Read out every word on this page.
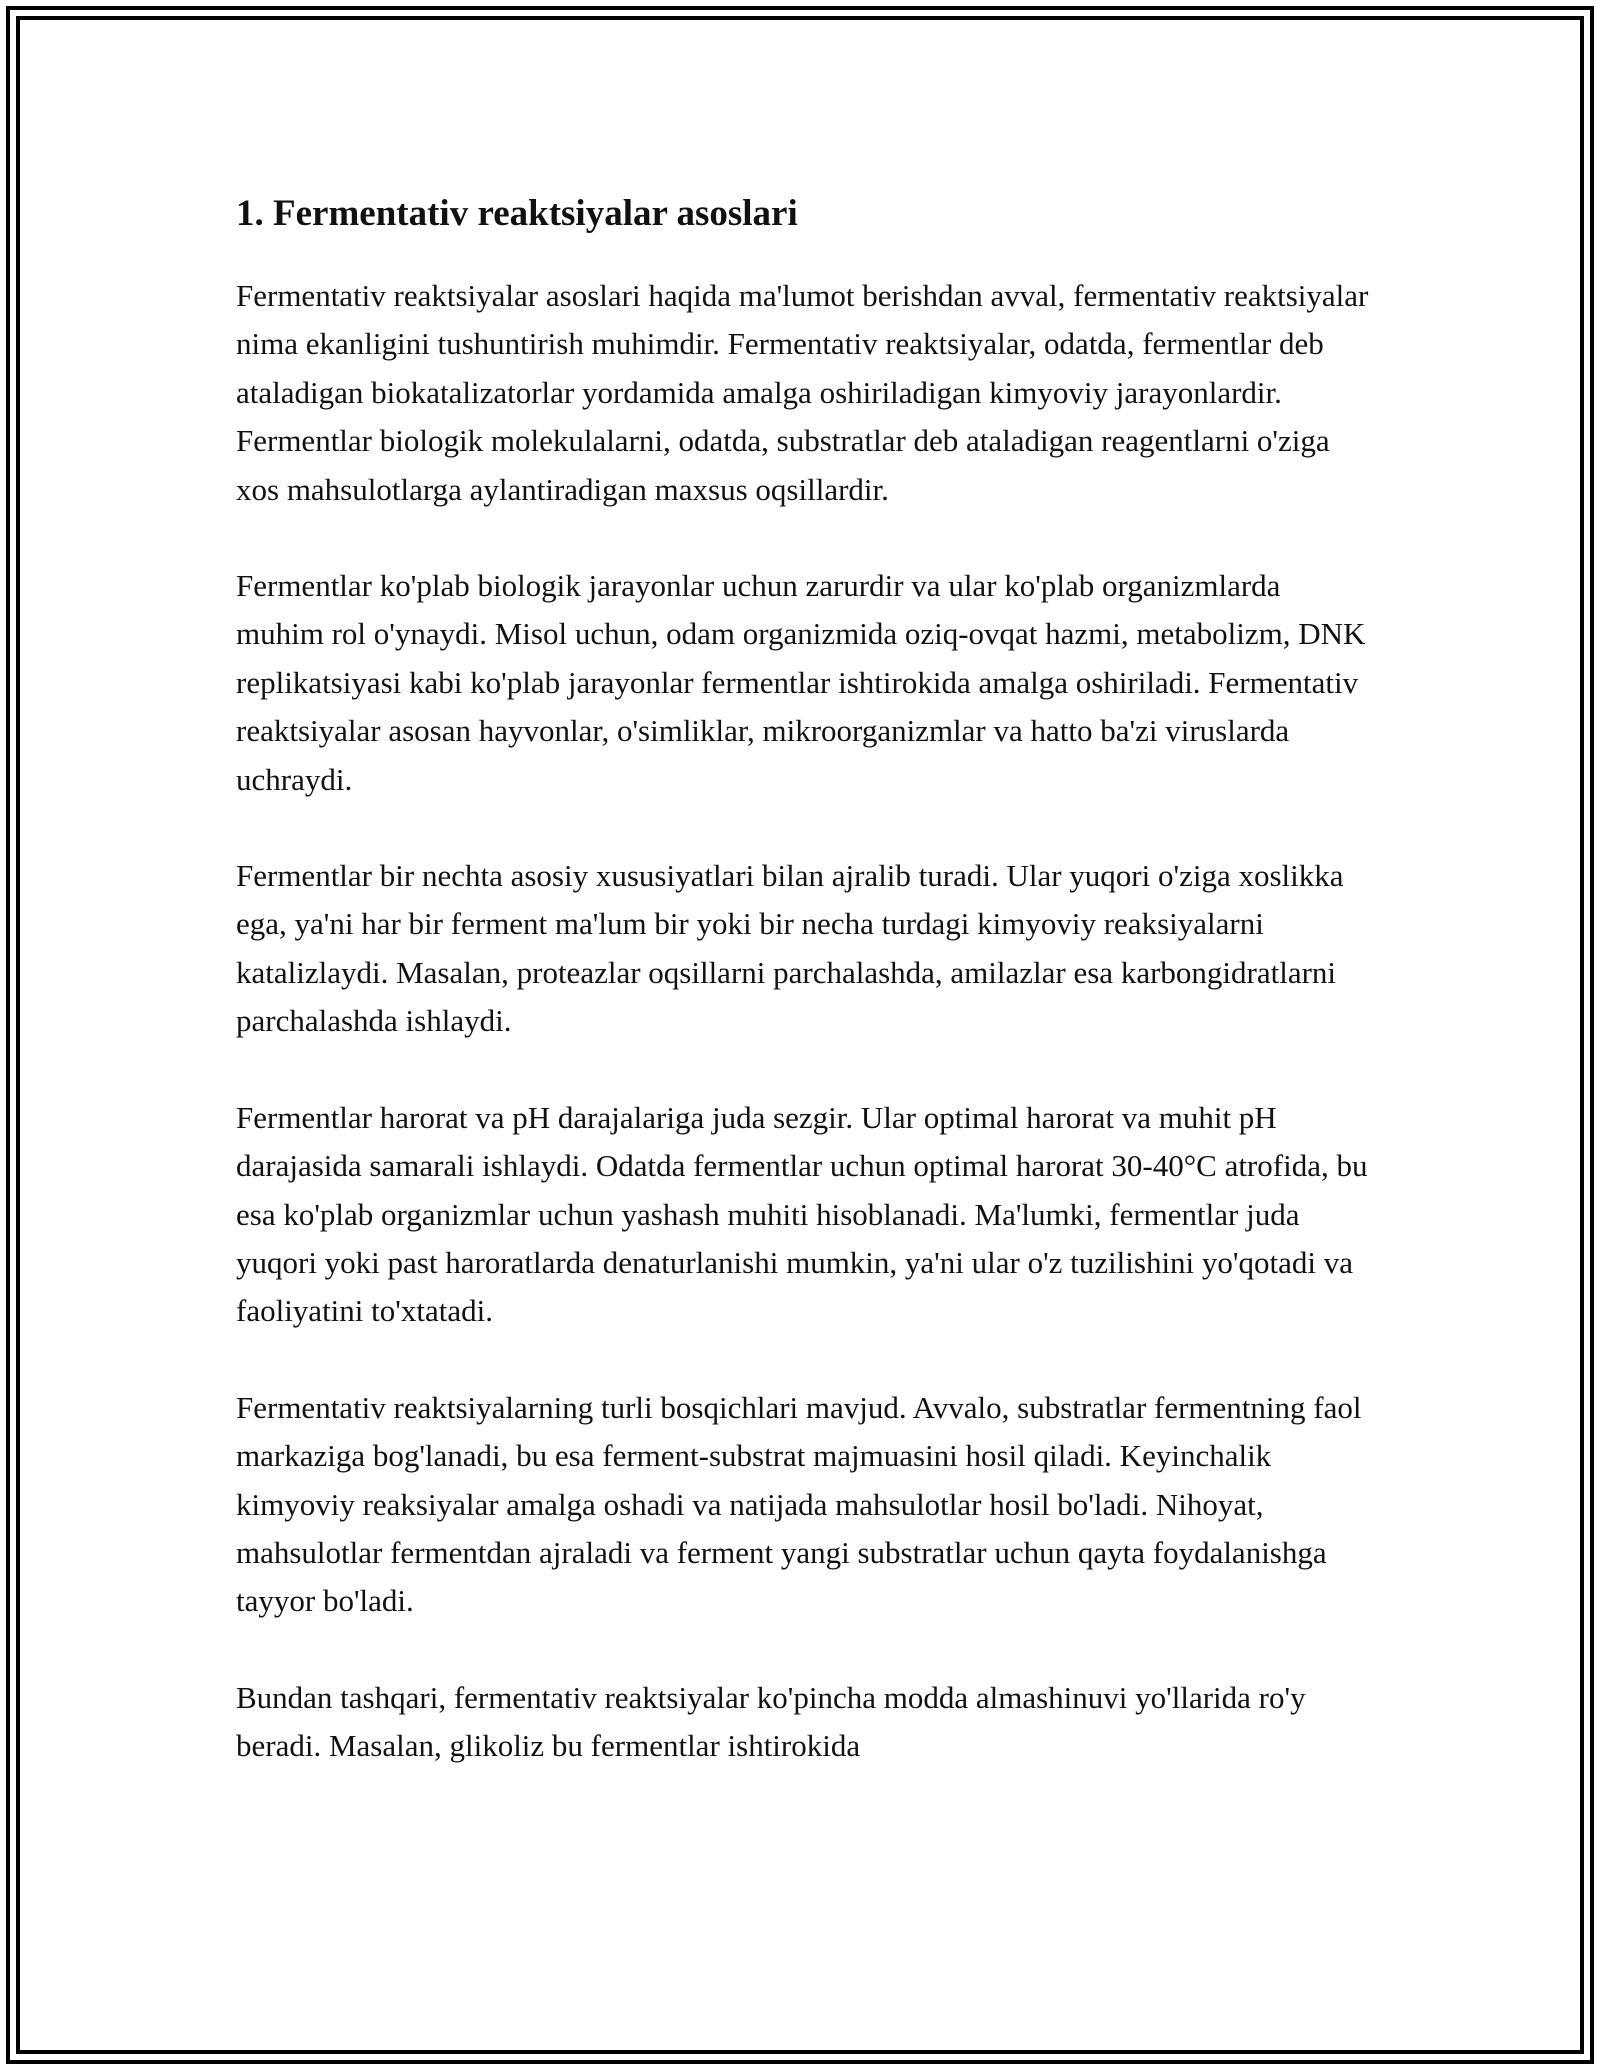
1. Fermentativ reaktsiyalar asoslari

Fermentativ reaktsiyalar asoslari haqida ma'lumot berishdan avval, fermentativ reaktsiyalar nima ekanligini tushuntirish muhimdir. Fermentativ reaktsiyalar, odatda, fermentlar deb ataladigan biokatalizatorlar yordamida amalga oshiriladigan kimyoviy jarayonlardir. Fermentlar biologik molekulalarni, odatda, substratlar deb ataladigan reagentlarni o'ziga xos mahsulotlarga aylantiradigan maxsus oqsillardir.

Fermentlar ko'plab biologik jarayonlar uchun zarurdir va ular ko'plab organizmlarda muhim rol o'ynaydi. Misol uchun, odam organizmida oziq-ovqat hazmi, metabolizm, DNK replikatsiyasi kabi ko'plab jarayonlar fermentlar ishtirokida amalga oshiriladi. Fermentativ reaktsiyalar asosan hayvonlar, o'simliklar, mikroorganizmlar va hatto ba'zi viruslarda uchraydi.

Fermentlar bir nechta asosiy xususiyatlari bilan ajralib turadi. Ular yuqori o'ziga xoslikka ega, ya'ni har bir ferment ma'lum bir yoki bir necha turdagi kimyoviy reaksiyalarni katalizlaydi. Masalan, proteazlar oqsillarni parchalashda, amilazlar esa karbongidratlarni parchalashda ishlaydi.

Fermentlar harorat va pH darajalariga juda sezgir. Ular optimal harorat va muhit pH darajasida samarali ishlaydi. Odatda fermentlar uchun optimal harorat 30-40°C atrofida, bu esa ko'plab organizmlar uchun yashash muhiti hisoblanadi. Ma'lumki, fermentlar juda yuqori yoki past haroratlarda denaturlanishi mumkin, ya'ni ular o'z tuzilishini yo'qotadi va faoliyatini to'xtatadi.

Fermentativ reaktsiyalarning turli bosqichlari mavjud. Avvalo, substratlar fermentning faol markaziga bog'lanadi, bu esa ferment-substrat majmuasini hosil qiladi. Keyinchalik kimyoviy reaksiyalar amalga oshadi va natijada mahsulotlar hosil bo'ladi. Nihoyat, mahsulotlar fermentdan ajraladi va ferment yangi substratlar uchun qayta foydalanishga tayyor bo'ladi.

Bundan tashqari, fermentativ reaktsiyalar ko'pincha modda almashinuvi yo'llarida ro'y beradi. Masalan, glikoliz bu fermentlar ishtirokida
